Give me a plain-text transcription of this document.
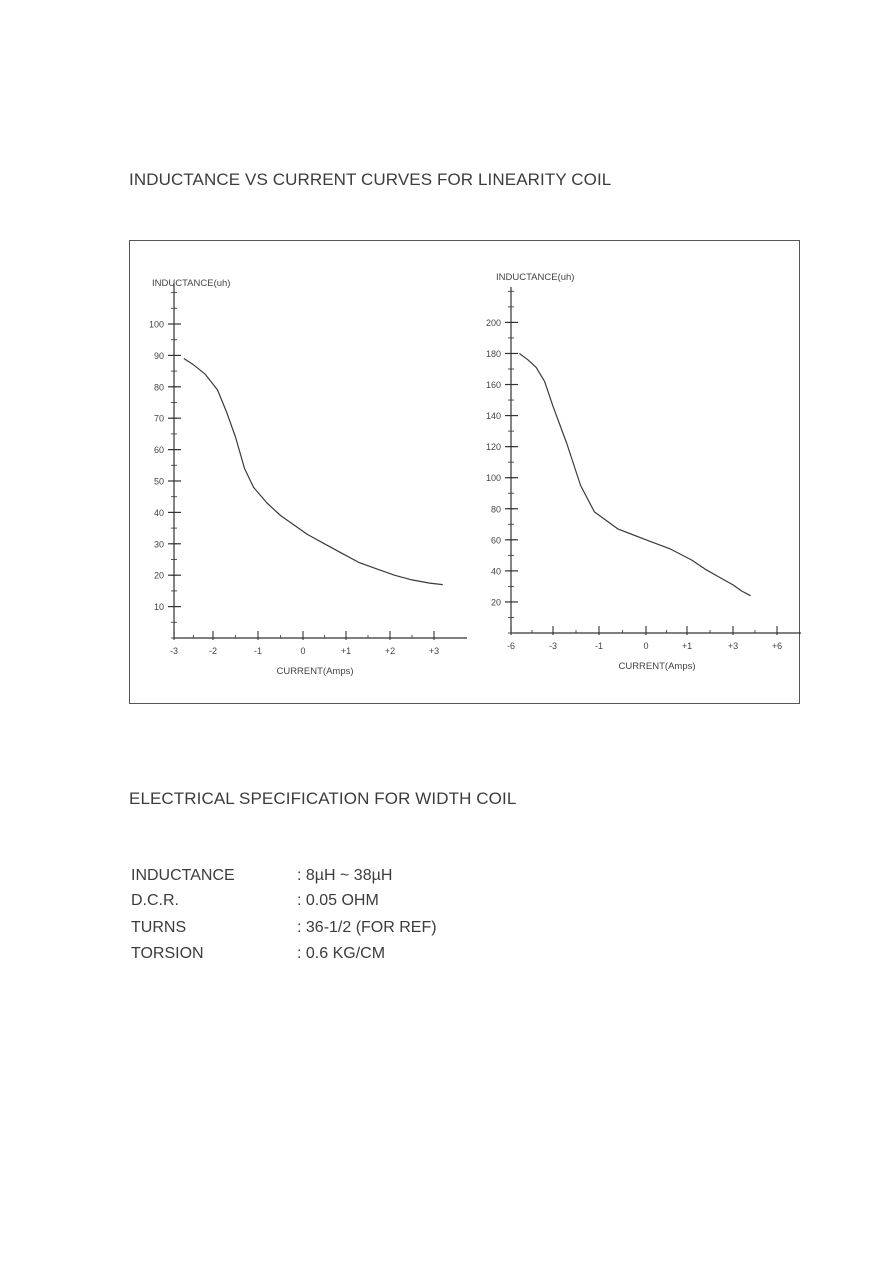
INDUCTANCE VS CURRENT CURVES FOR LINEARITY COIL
10
20
30
40
50
60
70
80
90
100
-3	-2	-1	0	+1	+2	+3
INDUCTANCE(uh)
CURRENT(Amps)
20
40
60
80
100
120
140
160
180
200
-6	-3	-1	0	+1	+3	+6
INDUCTANCE(uh)
CURRENT(Amps)
ELECTRICAL SPECIFICATION FOR WIDTH COIL
INDUCTANCE	: 8µH ~ 38µH
D.C.R.	: 0.05 OHM
TURNS	: 36-1/2 (FOR REF)
TORSION	: 0.6 KG/CM
